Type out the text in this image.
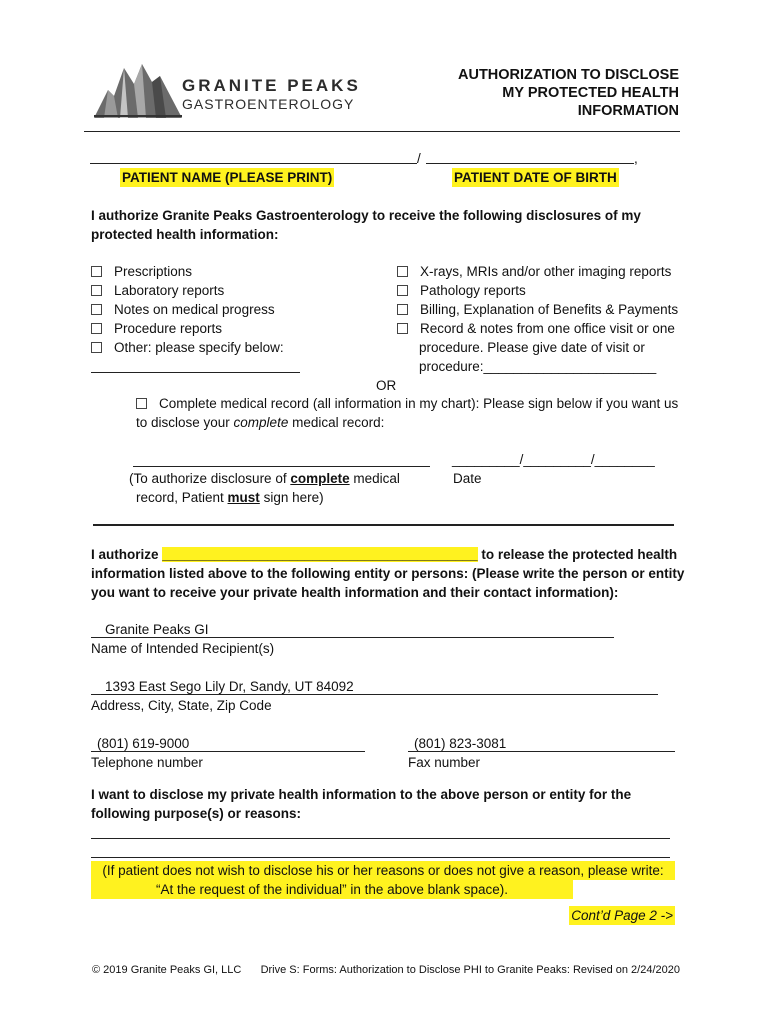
GRANITE PEAKS
GASTROENTEROLOGY
AUTHORIZATION TO DISCLOSE
MY PROTECTED HEALTH
INFORMATION
/	,
PATIENT NAME (PLEASE PRINT)	PATIENT DATE OF BIRTH
I authorize Granite Peaks Gastroenterology to receive the following disclosures of my
protected health information:
Prescriptions
Laboratory reports
Notes on medical progress
Procedure reports
Other: please specify below:
X-rays, MRIs and/or other imaging reports
Pathology reports
Billing, Explanation of Benefits & Payments
Record & notes from one office visit or one
procedure. Please give date of visit or
procedure:_______________________
OR
Complete medical record (all information in my chart): Please sign below if you want us
to disclose your complete medical record:
_________/_________/________
(To authorize disclosure of complete medical
record, Patient must sign here)
Date
I authorize __________________________________________ to release the protected health
information listed above to the following entity or persons: (Please write the person or entity
you want to receive your private health information and their contact information):
Granite Peaks GI
Name of Intended Recipient(s)
1393 East Sego Lily Dr, Sandy, UT 84092
Address, City, State, Zip Code
(801) 619-9000
Telephone number
(801) 823-3081
Fax number
I want to disclose my private health information to the above person or entity for the
following purpose(s) or reasons:
(If patient does not wish to disclose his or her reasons or does not give a reason, please write:
“At the request of the individual” in the above blank space).
Cont’d Page 2 ->
© 2019 Granite Peaks GI, LLC Drive S: Forms: Authorization to Disclose PHI to Granite Peaks: Revised on 2/24/2020
